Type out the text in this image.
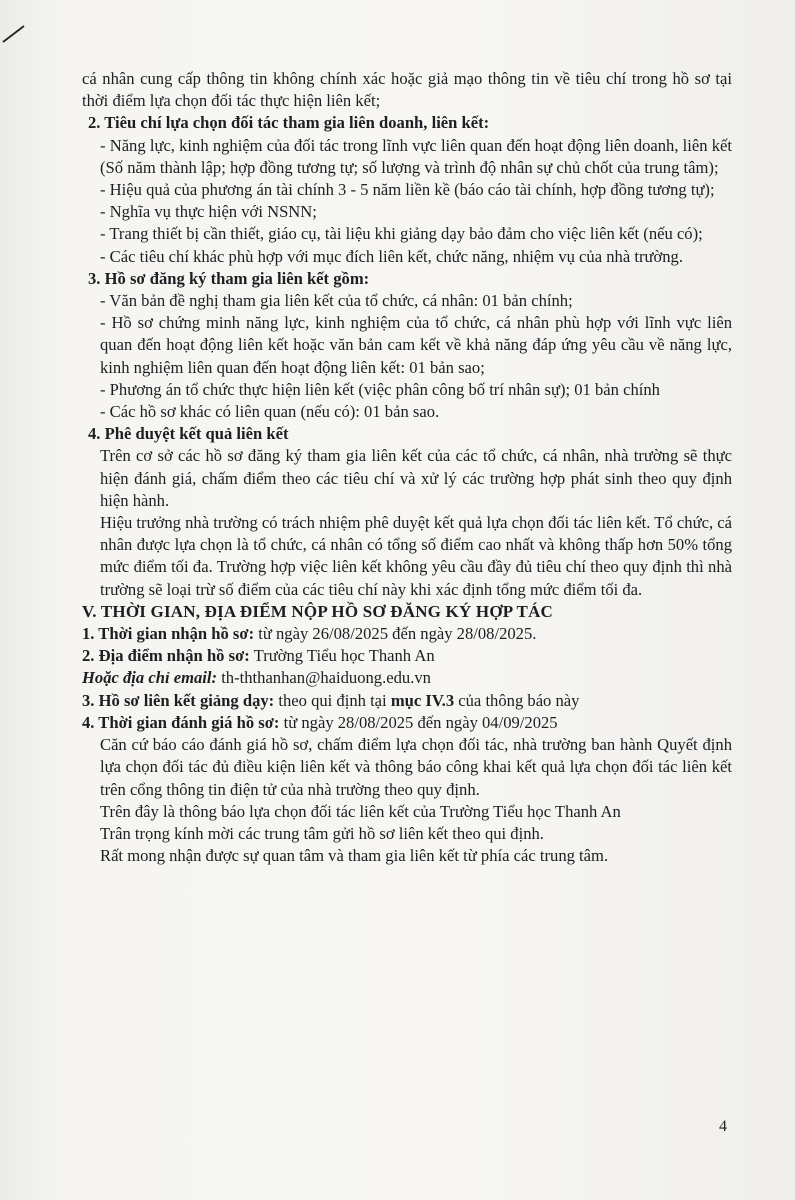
cá nhân cung cấp thông tin không chính xác hoặc giả mạo thông tin về tiêu chí trong hồ sơ tại thời điểm lựa chọn đối tác thực hiện liên kết;

2. Tiêu chí lựa chọn đối tác tham gia liên doanh, liên kết:

- Năng lực, kinh nghiệm của đối tác trong lĩnh vực liên quan đến hoạt động liên doanh, liên kết (Số năm thành lập; hợp đồng tương tự; số lượng và trình độ nhân sự chủ chốt của trung tâm);

- Hiệu quả của phương án tài chính 3 - 5 năm liền kề (báo cáo tài chính, hợp đồng tương tự);

- Nghĩa vụ thực hiện với NSNN;

- Trang thiết bị cần thiết, giáo cụ, tài liệu khi giảng dạy bảo đảm cho việc liên kết (nếu có);

- Các tiêu chí khác phù hợp với mục đích liên kết, chức năng, nhiệm vụ của nhà trường.

3. Hồ sơ đăng ký tham gia liên kết gồm:

- Văn bản đề nghị tham gia liên kết của tổ chức, cá nhân: 01 bản chính;

- Hồ sơ chứng minh năng lực, kinh nghiệm của tổ chức, cá nhân phù hợp với lĩnh vực liên quan đến hoạt động liên kết hoặc văn bản cam kết về khả năng đáp ứng yêu cầu về năng lực, kinh nghiệm liên quan đến hoạt động liên kết: 01 bản sao;

- Phương án tổ chức thực hiện liên kết (việc phân công bố trí nhân sự); 01 bản chính

- Các hồ sơ khác có liên quan (nếu có): 01 bản sao.

4. Phê duyệt kết quả liên kết

Trên cơ sở các hồ sơ đăng ký tham gia liên kết của các tổ chức, cá nhân, nhà trường sẽ thực hiện đánh giá, chấm điểm theo các tiêu chí và xử lý các trường hợp phát sinh theo quy định hiện hành.

Hiệu trưởng nhà trường có trách nhiệm phê duyệt kết quả lựa chọn đối tác liên kết. Tổ chức, cá nhân được lựa chọn là tổ chức, cá nhân có tổng số điểm cao nhất và không thấp hơn 50% tổng mức điểm tối đa. Trường hợp việc liên kết không yêu cầu đầy đủ tiêu chí theo quy định thì nhà trường sẽ loại trừ số điểm của các tiêu chí này khi xác định tổng mức điểm tối đa.

V. THỜI GIAN, ĐỊA ĐIỂM NỘP HỒ SƠ ĐĂNG KÝ HỢP TÁC

1. Thời gian nhận hồ sơ: từ ngày 26/08/2025 đến ngày 28/08/2025.

2. Địa điểm nhận hồ sơ: Trường Tiểu học Thanh An

Hoặc địa chỉ email: th-ththanhan@haiduong.edu.vn

3. Hồ sơ liên kết giảng dạy: theo qui định tại mục IV.3 của thông báo này

4. Thời gian đánh giá hồ sơ: từ ngày 28/08/2025 đến ngày 04/09/2025

Căn cứ báo cáo đánh giá hồ sơ, chấm điểm lựa chọn đối tác, nhà trường ban hành Quyết định lựa chọn đối tác đủ điều kiện liên kết và thông báo công khai kết quả lựa chọn đối tác liên kết trên cổng thông tin điện tử của nhà trường theo quy định.

Trên đây là thông báo lựa chọn đối tác liên kết của Trường Tiểu học Thanh An

Trân trọng kính mời các trung tâm gửi hồ sơ liên kết theo qui định.

Rất mong nhận được sự quan tâm và tham gia liên kết từ phía các trung tâm.

4
